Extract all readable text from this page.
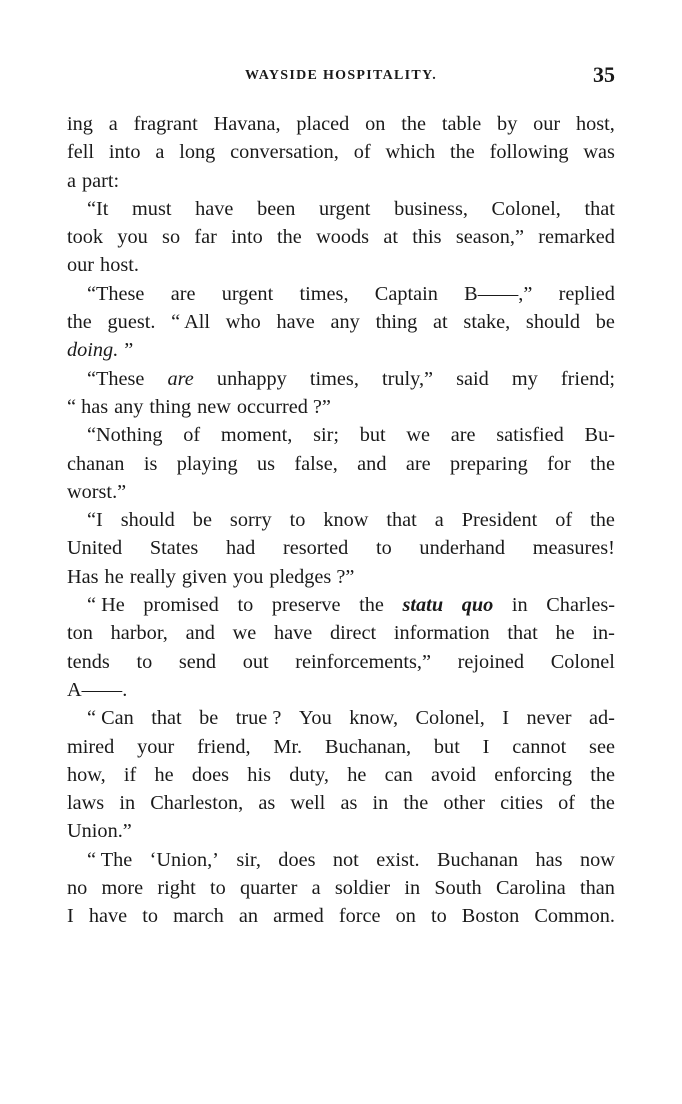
WAYSIDE HOSPITALITY.	35
ing a fragrant Havana, placed on the table by our host,
fell into a long conversation, of which the following was
a part:
“It must have been urgent business, Colonel, that
took you so far into the woods at this season,” remarked
our host.
“These are urgent times, Captain B——,” replied
the guest. “ All who have any thing at stake, should be
doing. ”
“These are unhappy times, truly,” said my friend;
“ has any thing new occurred ?”
“Nothing of moment, sir; but we are satisfied Bu-
chanan is playing us false, and are preparing for the
worst.”
“I should be sorry to know that a President of the
United States had resorted to underhand measures!
Has he really given you pledges ?”
“ He promised to preserve the statu quo in Charles-
ton harbor, and we have direct information that he in-
tends to send out reinforcements,” rejoined Colonel
A——.
“ Can that be true ? You know, Colonel, I never ad-
mired your friend, Mr. Buchanan, but I cannot see
how, if he does his duty, he can avoid enforcing the
laws in Charleston, as well as in the other cities of the
Union.”
“ The ‘Union,’ sir, does not exist. Buchanan has now
no more right to quarter a soldier in South Carolina than
I have to march an armed force on to Boston Common.
